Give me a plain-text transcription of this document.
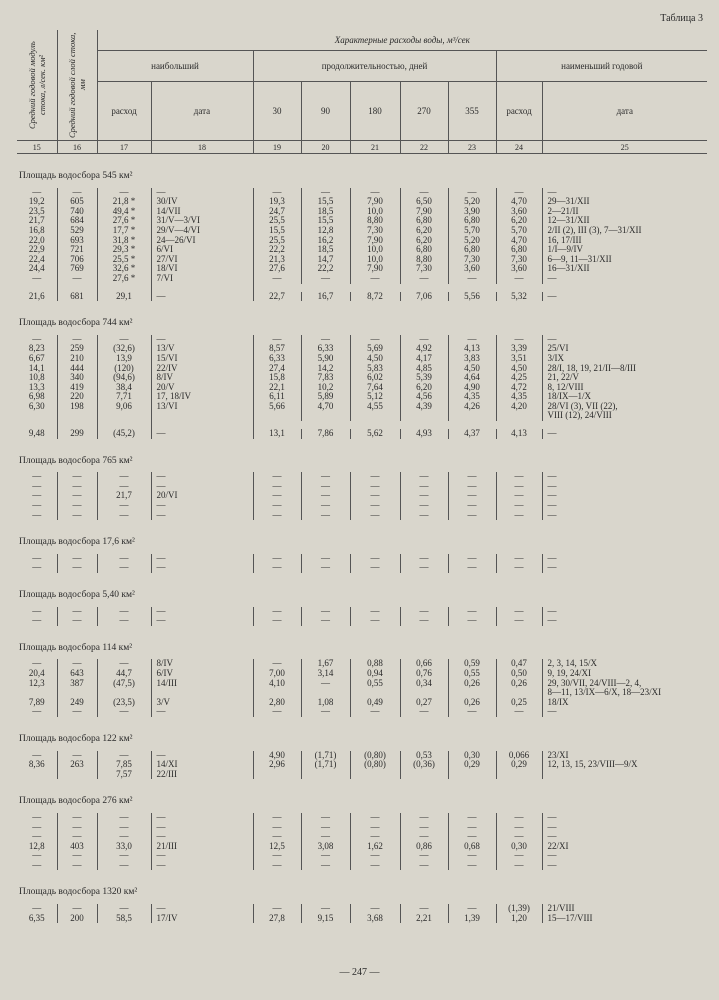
Таблица 3
Средний годовой модуль стока, л/сек. км²	Средний годовой слой стока, мм	Характерные расходы воды, м³/сек								
		наибольший		продолжительностью, дней					наименьший годовой	
		расход	дата	30	90	180	270	355	расход	дата
15	16	17	18	19	20	21	22	23	24	25
Площадь водосбора 545 км²										
—	—	—	—	—	—	—	—	—	—	—
19,2	605	21,8 *	30/IV	19,3	15,5	7,90	6,50	5,20	4,70	29—31/XII
23,5	740	49,4 *	14/VII	24,7	18,5	10,0	7,90	3,90	3,60	2—21/II
21,7	684	27,6 *	31/V—3/VI	25,5	15,5	8,80	6,80	6,80	6,20	12—31/XII
16,8	529	17,7 *	29/V—4/VI	15,5	12,8	7,30	6,20	5,70	5,70	2/II (2), III (3), 7—31/XII
22,0	693	31,8 *	24—26/VI	25,5	16,2	7,90	6,20	5,20	4,70	16, 17/III
22,9	721	29,3 *	6/VI	22,2	18,5	10,0	6,80	6,80	6,80	1/I—9/IV
22,4	706	25,5 *	27/VI	21,3	14,7	10,0	8,80	7,30	7,30	6—9, 11—31/XII
24,4	769	32,6 *	18/VI	27,6	22,2	7,90	7,30	3,60	3,60	16—31/XII
—	—	27,6 *	7/VI	—	—	—	—	—	—	—

21,6	681	29,1	—	22,7	16,7	8,72	7,06	5,56	5,32	—
Площадь водосбора 744 км²										
—	—	—	—	—	—	—	—	—	—	—
8,23	259	(32,6)	13/V	8,57	6,33	5,69	4,92	4,13	3,39	25/VI
6,67	210	13,9	15/VI	6,33	5,90	4,50	4,17	3,83	3,51	3/IX
14,1	444	(120)	22/IV	27,4	14,2	5,83	4,85	4,50	4,50	28/I, 18, 19, 21/II—8/III
10,8	340	(94,6)	8/IV	15,8	7,83	6,02	5,39	4,64	4,25	21, 22/V
13,3	419	38,4	20/V	22,1	10,2	7,64	6,20	4,90	4,72	8, 12/VIII
6,98	220	7,71	17, 18/IV	6,11	5,89	5,12	4,56	4,35	4,35	18/IX—1/X
6,30	198	9,06	13/VI	5,66	4,70	4,55	4,39	4,26	4,20	28/VI (3), VII (22),
										VIII (12), 24/VIII

9,48	299	(45,2)	—	13,1	7,86	5,62	4,93	4,37	4,13	—
Площадь водосбора 765 км²										
—	—	—	—	—	—	—	—	—	—	—
—	—	—	—	—	—	—	—	—	—	—
—	—	21,7	20/VI	—	—	—	—	—	—	—
—	—	—	—	—	—	—	—	—	—	—
—	—	—	—	—	—	—	—	—	—	—
Площадь водосбора 17,6 км²										
—	—	—	—	—	—	—	—	—	—	—
—	—	—	—	—	—	—	—	—	—	—
Площадь водосбора 5,40 км²										
—	—	—	—	—	—	—	—	—	—	—
—	—	—	—	—	—	—	—	—	—	—
Площадь водосбора 114 км²										
—	—	—	8/IV	—	1,67	0,88	0,66	0,59	0,47	2, 3, 14, 15/X
20,4	643	44,7	6/IV	7,00	3,14	0,94	0,76	0,55	0,50	9, 19, 24/XI
12,3	387	(47,5)	14/III	4,10	—	0,55	0,34	0,26	0,26	29, 30/VII, 24/VIII—2, 4,
										8—11, 13/IX—6/X, 18—23/XI
7,89	249	(23,5)	3/V	2,80	1,08	0,49	0,27	0,26	0,25	18/IX
—	—	—	—	—	—	—	—	—	—	—
Площадь водосбора 122 км²										
—	—	—	—	4,90	(1,71)	(0,80)	0,53	0,30	0,066	23/XI
8,36	263	7,85	14/XI	2,96	(1,71)	(0,80)	(0,36)	0,29	0,29	12, 13, 15, 23/VIII—9/X
		7,57	22/III							
Площадь водосбора 276 км²										
—	—	—	—	—	—	—	—	—	—	—
—	—	—	—	—	—	—	—	—	—	—
—	—	—	—	—	—	—	—	—	—	—
12,8	403	33,0	21/III	12,5	3,08	1,62	0,86	0,68	0,30	22/XI
—	—	—	—	—	—	—	—	—	—	—
—	—	—	—	—	—	—	—	—	—	—
Площадь водосбора 1320 км²										
—	—	—	—	—	—	—	—	—	(1,39)	21/VIII
6,35	200	58,5	17/IV	27,8	9,15	3,68	2,21	1,39	1,20	15—17/VIII
— 247 —
